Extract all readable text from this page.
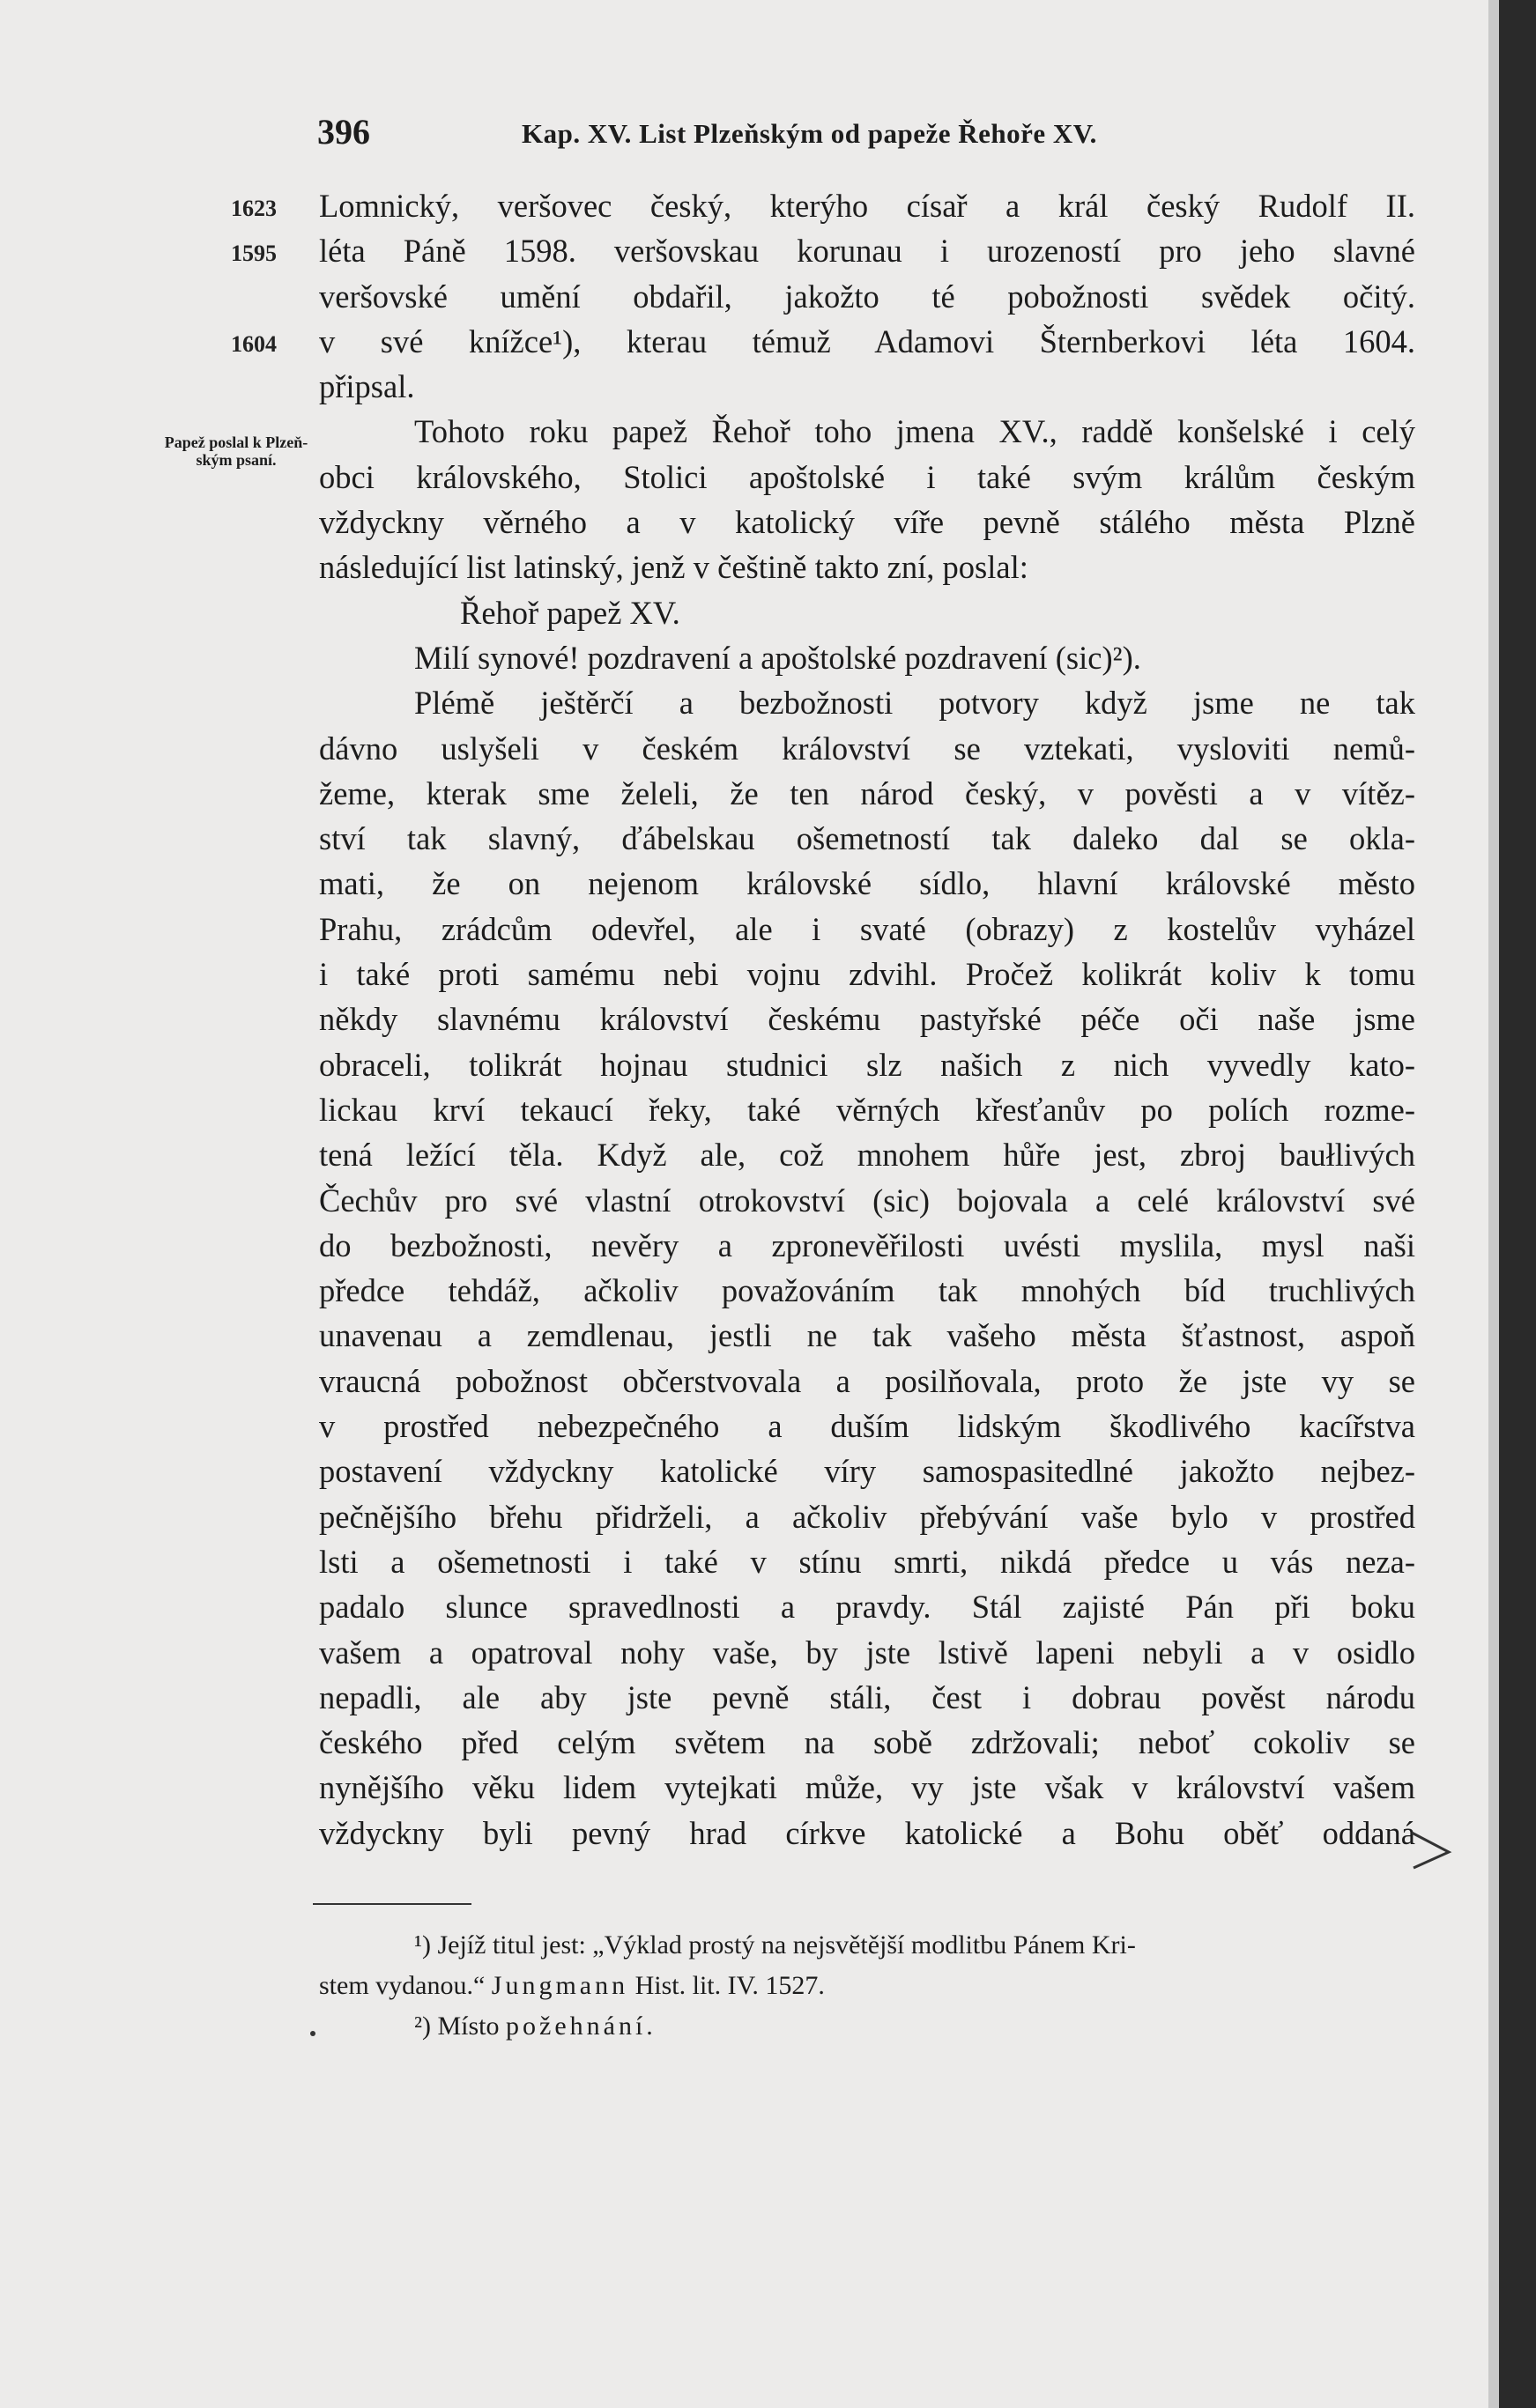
396	Kap. XV. List Plzeňským od papeže Řehoře XV.
1623
1595
1604
Papež poslal k Plzeň-ským psaní.
Lomnický, veršovec český, kterýho císař a král český Rudolf II.
léta Páně 1598. veršovskau korunau i urozeností pro jeho slavné
veršovské umění obdařil, jakožto té pobožnosti svědek očitý.
v své knížce¹), kterau témuž Adamovi Šternberkovi léta 1604.
připsal.
Tohoto roku papež Řehoř toho jmena XV., raddě konšelské i celý
obci královského, Stolici apoštolské i také svým králům českým
vždyckny věrného a v katolický víře pevně stálého města Plzně
následující list latinský, jenž v češtině takto zní, poslal:
Řehoř papež XV.
Milí synové! pozdravení a apoštolské pozdravení (sic)²).
Plémě ještěrčí a bezbožnosti potvory když jsme ne tak
dávno uslyšeli v českém království se vztekati, vysloviti nemů-
žeme, kterak sme želeli, že ten národ český, v pověsti a v vítěz-
ství tak slavný, ďábelskau ošemetností tak daleko dal se okla-
mati, že on nejenom královské sídlo, hlavní královské město
Prahu, zrádcům odevřel, ale i svaté (obrazy) z kostelův vyházel
i také proti samému nebi vojnu zdvihl. Pročež kolikrát koliv k tomu
někdy slavnému království českému pastyřské péče oči naše jsme
obraceli, tolikrát hojnau studnici slz našich z nich vyvedly kato-
lickau krví tekaucí řeky, také věrných křesťanův po polích rozme-
tená ležící těla. Když ale, což mnohem hůře jest, zbroj baułlivých
Čechův pro své vlastní otrokovství (sic) bojovala a celé království své
do bezbožnosti, nevěry a zpronevěřilosti uvésti myslila, mysl naši
předce tehdáž, ačkoliv považováním tak mnohých bíd truchlivých
unavenau a zemdlenau, jestli ne tak vašeho města šťastnost, aspoň
vraucná pobožnost občerstvovala a posilňovala, proto že jste vy se
v prostřed nebezpečného a duším lidským škodlivého kacířstva
postavení vždyckny katolické víry samospasitedlné jakožto nejbez-
pečnějšího břehu přidrželi, a ačkoliv přebývání vaše bylo v prostřed
lsti a ošemetnosti i také v stínu smrti, nikdá předce u vás neza-
padalo slunce spravedlnosti a pravdy. Stál zajisté Pán při boku
vašem a opatroval nohy vaše, by jste lstivě lapeni nebyli a v osidlo
nepadli, ale aby jste pevně stáli, čest i dobrau pověst národu
českého před celým světem na sobě zdržovali; neboť cokoliv se
nynějšího věku lidem vytejkati může, vy jste však v království vašem
vždyckny byli pevný hrad církve katolické a Bohu oběť oddaná
¹) Jejíž titul jest: „Výklad prostý na nejsvětější modlitbu Pánem Kri-
stem vydanou.“ Jungmann Hist. lit. IV. 1527.
²) Místo požehnání.
